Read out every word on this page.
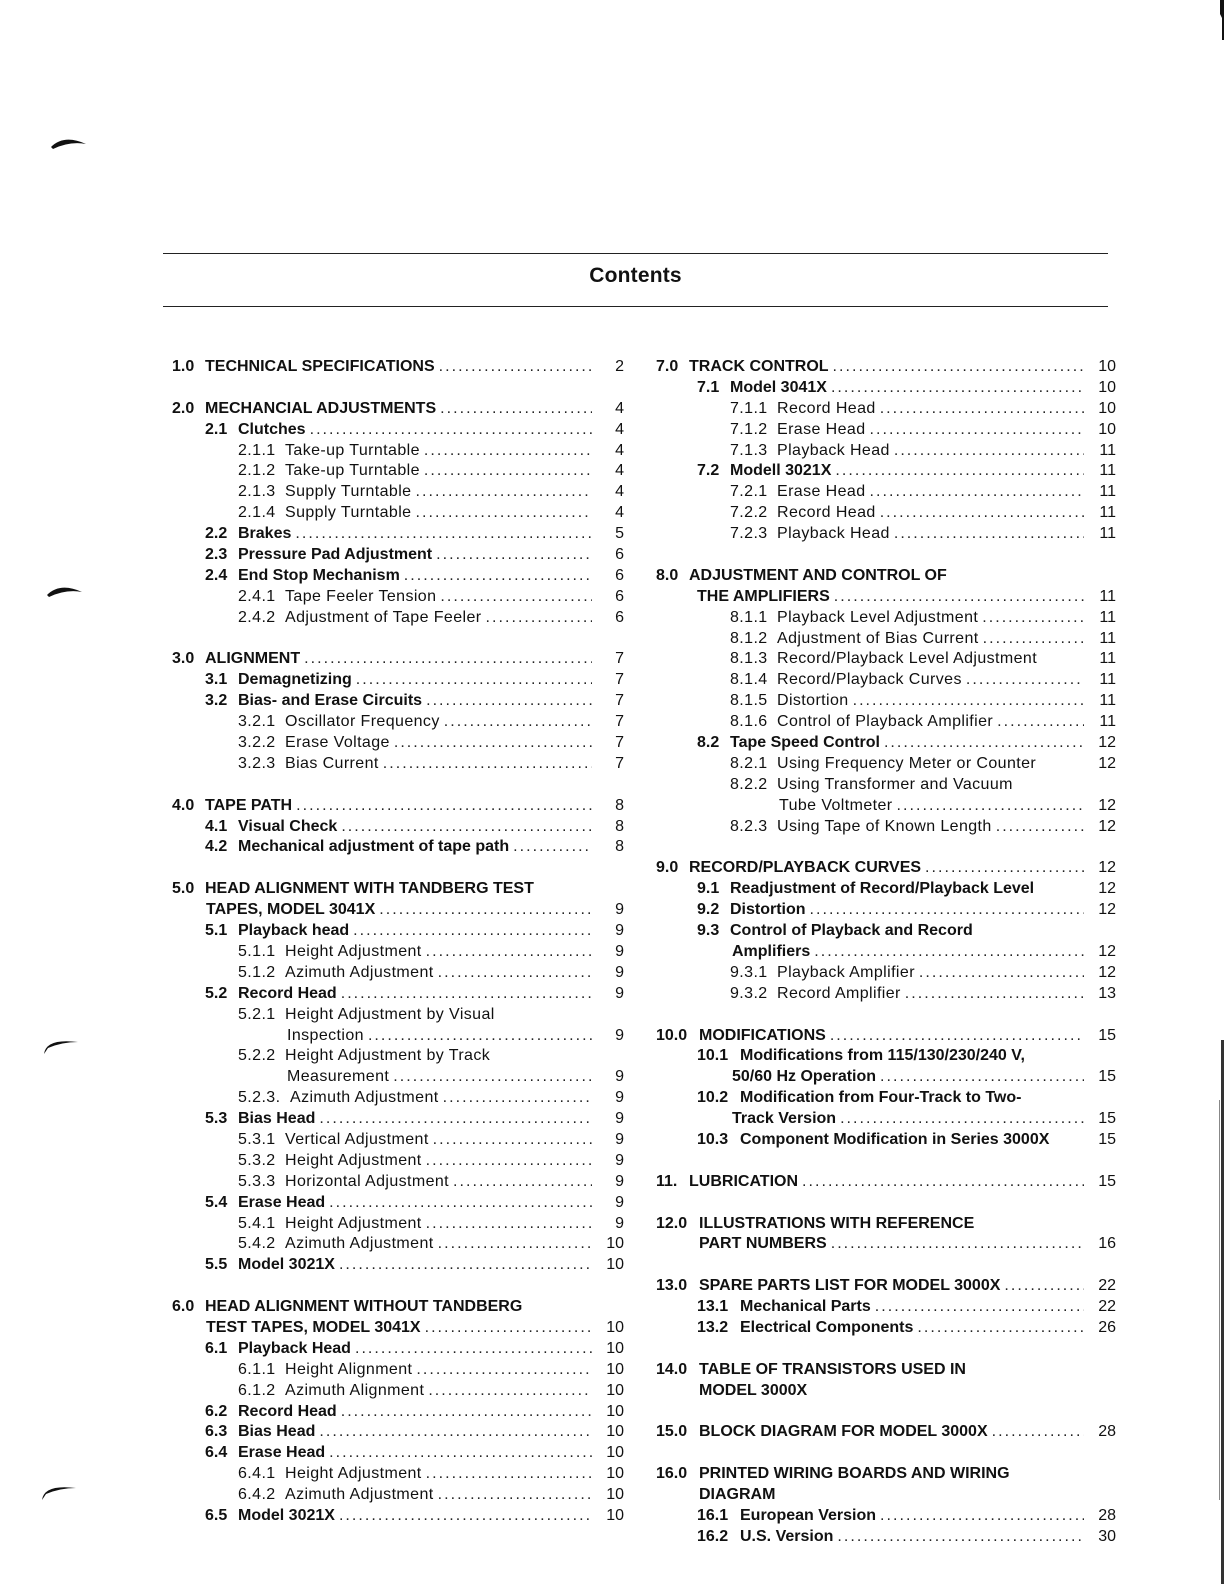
Contents
1.0 TECHNICAL SPECIFICATIONS . . .	2
2.0 MECHANCIAL ADJUSTMENTS . . .	4
2.1 Clutches . . .	4
2.1.1 Take-up Turntable . . .	4
2.1.2 Take-up Turntable . . .	4
2.1.3 Supply Turntable . . .	4
2.1.4 Supply Turntable . . .	4
2.2 Brakes . . .	5
2.3 Pressure Pad Adjustment . . .	6
2.4 End Stop Mechanism . . .	6
2.4.1 Tape Feeler Tension . . .	6
2.4.2 Adjustment of Tape Feeler . . .	6
3.0 ALIGNMENT . . .	7
3.1 Demagnetizing . . .	7
3.2 Bias- and Erase Circuits . . .	7
3.2.1 Oscillator Frequency . . .	7
3.2.2 Erase Voltage . . .	7
3.2.3 Bias Current . . .	7
4.0 TAPE PATH . . .	8
4.1 Visual Check . . .	8
4.2 Mechanical adjustment of tape path . . .	8
5.0 HEAD ALIGNMENT WITH TANDBERG TEST
TAPES, MODEL 3041X . . .	9
5.1 Playback head . . .	9
5.1.1 Height Adjustment . . .	9
5.1.2 Azimuth Adjustment . . .	9
5.2 Record Head . . .	9
5.2.1 Height Adjustment by Visual
Inspection . . .	9
5.2.2 Height Adjustment by Track
Measurement . . .	9
5.2.3. Azimuth Adjustment . . .	9
5.3 Bias Head . . .	9
5.3.1 Vertical Adjustment . . .	9
5.3.2 Height Adjustment . . .	9
5.3.3 Horizontal Adjustment . . .	9
5.4 Erase Head . . .	9
5.4.1 Height Adjustment . . .	9
5.4.2 Azimuth Adjustment . . .	10
5.5 Model 3021X . . .	10
6.0 HEAD ALIGNMENT WITHOUT TANDBERG
TEST TAPES, MODEL 3041X . . .	10
6.1 Playback Head . . .	10
6.1.1 Height Alignment . . .	10
6.1.2 Azimuth Alignment . . .	10
6.2 Record Head . . .	10
6.3 Bias Head . . .	10
6.4 Erase Head . . .	10
6.4.1 Height Adjustment . . .	10
6.4.2 Azimuth Adjustment . . .	10
6.5 Model 3021X . . .	10
7.0 TRACK CONTROL . . .	10
7.1 Model 3041X . . .	10
7.1.1 Record Head . . .	10
7.1.2 Erase Head . . .	10
7.1.3 Playback Head . . .	11
7.2 Modell 3021X . . .	11
7.2.1 Erase Head . . .	11
7.2.2 Record Head . . .	11
7.2.3 Playback Head . . .	11
8.0 ADJUSTMENT AND CONTROL OF
THE AMPLIFIERS . . .	11
8.1.1 Playback Level Adjustment . . .	11
8.1.2 Adjustment of Bias Current . . .	11
8.1.3 Record/Playback Level Adjustment	11
8.1.4 Record/Playback Curves . . .	11
8.1.5 Distortion . . .	11
8.1.6 Control of Playback Amplifier . . .	11
8.2 Tape Speed Control . . .	12
8.2.1 Using Frequency Meter or Counter	12
8.2.2 Using Transformer and Vacuum
Tube Voltmeter . . .	12
8.2.3 Using Tape of Known Length . . .	12
9.0 RECORD/PLAYBACK CURVES . . .	12
9.1 Readjustment of Record/Playback Level	12
9.2 Distortion . . .	12
9.3 Control of Playback and Record
Amplifiers . . .	12
9.3.1 Playback Amplifier . . .	12
9.3.2 Record Amplifier . . .	13
10.0 MODIFICATIONS . . .	15
10.1 Modifications from 115/130/230/240 V,
50/60 Hz Operation . . .	15
10.2 Modification from Four-Track to Two-
Track Version . . .	15
10.3 Component Modification in Series 3000X	15
11. LUBRICATION . . .	15
12.0 ILLUSTRATIONS WITH REFERENCE
PART NUMBERS . . .	16
13.0 SPARE PARTS LIST FOR MODEL 3000X . . .	22
13.1 Mechanical Parts . . .	22
13.2 Electrical Components . . .	26
14.0 TABLE OF TRANSISTORS USED IN
MODEL 3000X
15.0 BLOCK DIAGRAM FOR MODEL 3000X . . .	28
16.0 PRINTED WIRING BOARDS AND WIRING
DIAGRAM
16.1 European Version . . .	28
16.2 U.S. Version . . .	30
